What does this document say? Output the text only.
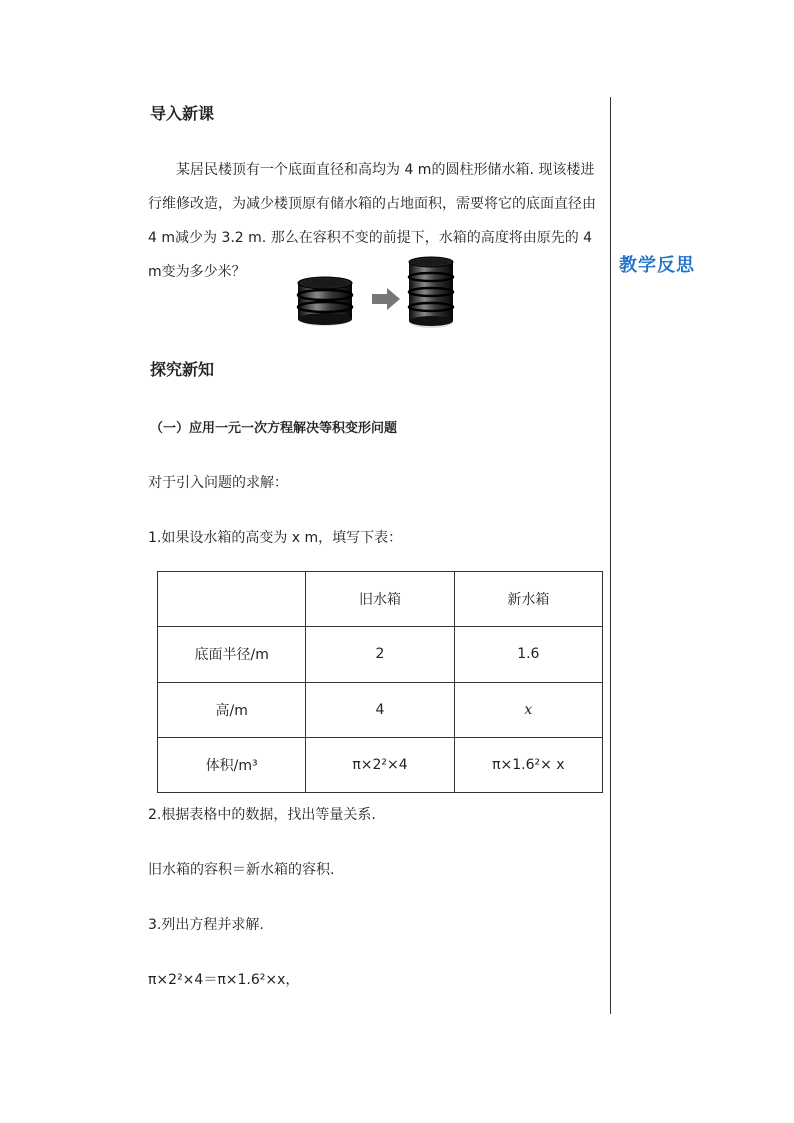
教学反思
导入新课
某居民楼顶有一个底面直径和高均为 4 m的圆柱形储水箱. 现该楼进行维修改造，为减少楼顶原有储水箱的占地面积，需要将它的底面直径由 4 m减少为 3.2 m. 那么在容积不变的前提下，水箱的高度将由原先的 4 m变为多少米？
探究新知
（一）应用一元一次方程解决等积变形问题
对于引入问题的求解：
1.如果设水箱的高变为 x m，填写下表：
	旧水箱	新水箱
底面半径/m	2	1.6
高/m	4	x
体积/m³	π×2²×4	π×1.6²× x
2.根据表格中的数据，找出等量关系.
旧水箱的容积＝新水箱的容积.
3.列出方程并求解.
π×2²×4＝π×1.6²×x，
